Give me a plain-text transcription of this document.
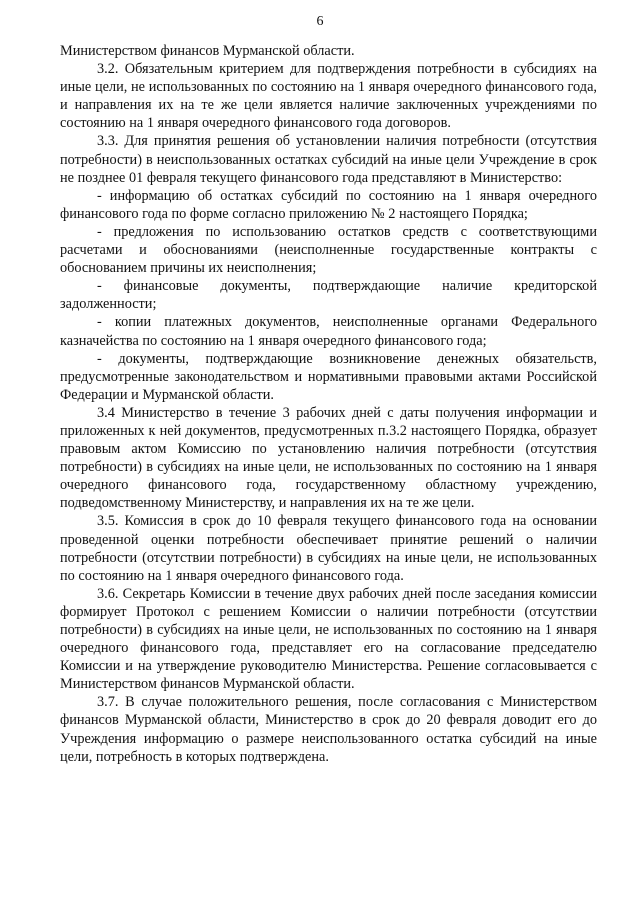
6

Министерством финансов Мурманской области.

3.2. Обязательным критерием для подтверждения потребности в субсидиях на иные цели, не использованных по состоянию на 1 января очередного финансового года, и направления их на те же цели является наличие заключенных учреждениями по состоянию на 1 января очередного финансового года договоров.

3.3. Для принятия решения об установлении наличия потребности (отсутствия потребности) в неиспользованных остатках субсидий на иные цели Учреждение в срок не позднее 01 февраля текущего финансового года представляют в Министерство:

- информацию об остатках субсидий по состоянию на 1 января очередного финансового года по форме согласно приложению № 2 настоящего Порядка;

- предложения по использованию остатков средств с соответствующими расчетами и обоснованиями (неисполненные государственные контракты с обоснованием причины их неисполнения;

- финансовые документы, подтверждающие наличие кредиторской задолженности;

- копии платежных документов, неисполненные органами Федерального казначейства по состоянию на 1 января очередного финансового года;

- документы, подтверждающие возникновение денежных обязательств, предусмотренные законодательством и нормативными правовыми актами Российской Федерации и Мурманской области.

3.4 Министерство в течение 3 рабочих дней с даты получения информации и приложенных к ней документов, предусмотренных п.3.2 настоящего Порядка, образует правовым актом Комиссию по установлению наличия потребности (отсутствия потребности) в субсидиях на иные цели, не использованных по состоянию на 1 января очередного финансового года, государственному областному учреждению, подведомственному Министерству, и направления их на те же цели.

3.5. Комиссия в срок до 10 февраля текущего финансового года на основании проведенной оценки потребности обеспечивает принятие решений о наличии потребности (отсутствии потребности) в субсидиях на иные цели, не использованных по состоянию на 1 января очередного финансового года.

3.6. Секретарь Комиссии в течение двух рабочих дней после заседания комиссии формирует Протокол с решением Комиссии о наличии потребности (отсутствии потребности) в субсидиях на иные цели, не использованных по состоянию на 1 января очередного финансового года, представляет его на согласование председателю Комиссии и на утверждение руководителю Министерства. Решение согласовывается с Министерством финансов Мурманской области.

3.7. В случае положительного решения, после согласования с Министерством финансов Мурманской области, Министерство в срок до 20 февраля доводит его до Учреждения информацию о размере неиспользованного остатка субсидий на иные цели, потребность в которых подтверждена.
